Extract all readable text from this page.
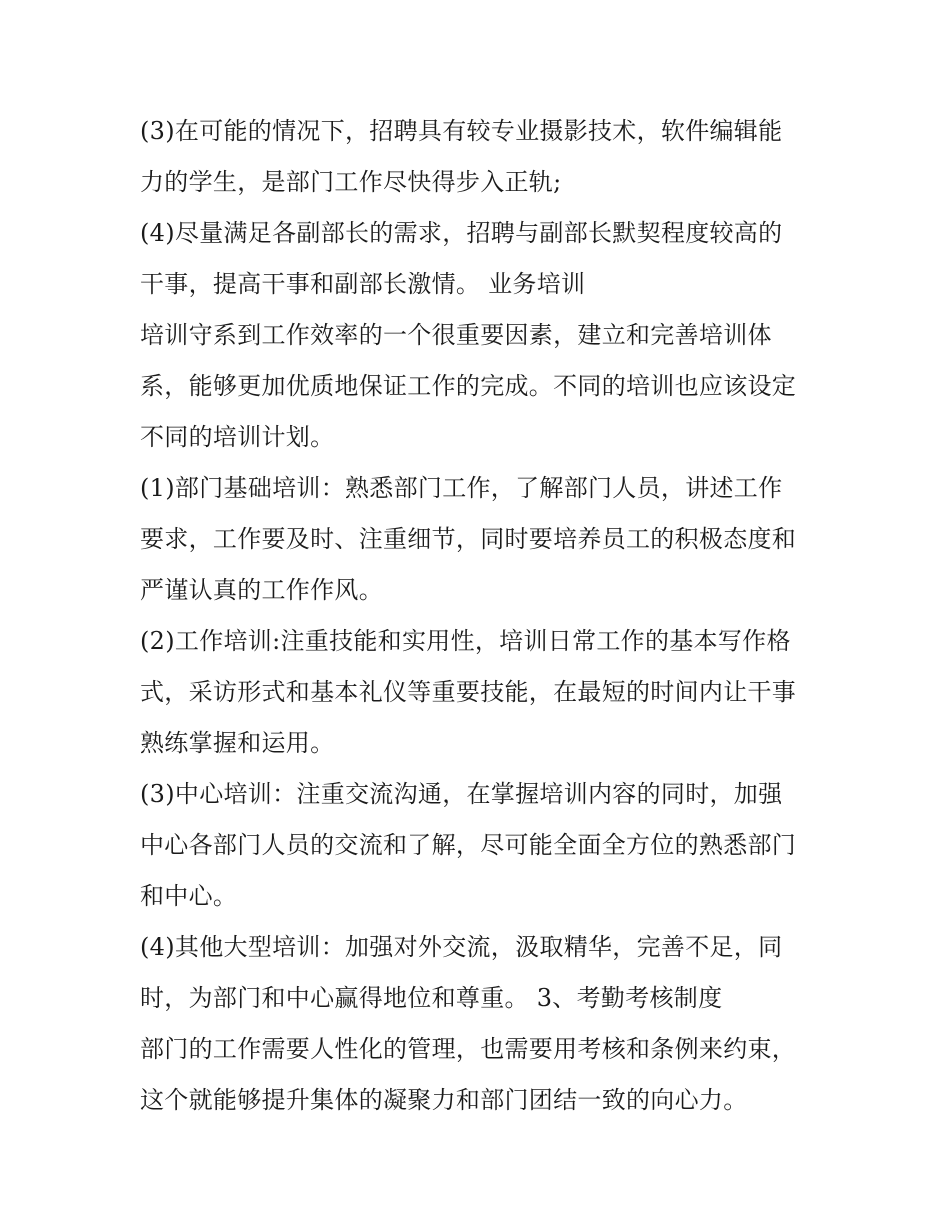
(3)在可能的情况下，招聘具有较专业摄影技术，软件编辑能
力的学生，是部门工作尽快得步入正轨;
(4)尽量满足各副部长的需求，招聘与副部长默契程度较高的
干事，提高干事和副部长激情。 业务培训
培训守系到工作效率的一个很重要因素，建立和完善培训体
系，能够更加优质地保证工作的完成。不同的培训也应该设定
不同的培训计划。
(1)部门基础培训：熟悉部门工作，了解部门人员，讲述工作
要求，工作要及时、注重细节，同时要培养员工的积极态度和
严谨认真的工作作风。
(2)工作培训:注重技能和实用性，培训日常工作的基本写作格
式，采访形式和基本礼仪等重要技能，在最短的时间内让干事
熟练掌握和运用。
(3)中心培训：注重交流沟通，在掌握培训内容的同时，加强
中心各部门人员的交流和了解，尽可能全面全方位的熟悉部门
和中心。
(4)其他大型培训：加强对外交流，汲取精华，完善不足，同
时，为部门和中心赢得地位和尊重。 3、考勤考核制度
部门的工作需要人性化的管理，也需要用考核和条例来约束，
这个就能够提升集体的凝聚力和部门团结一致的向心力。
